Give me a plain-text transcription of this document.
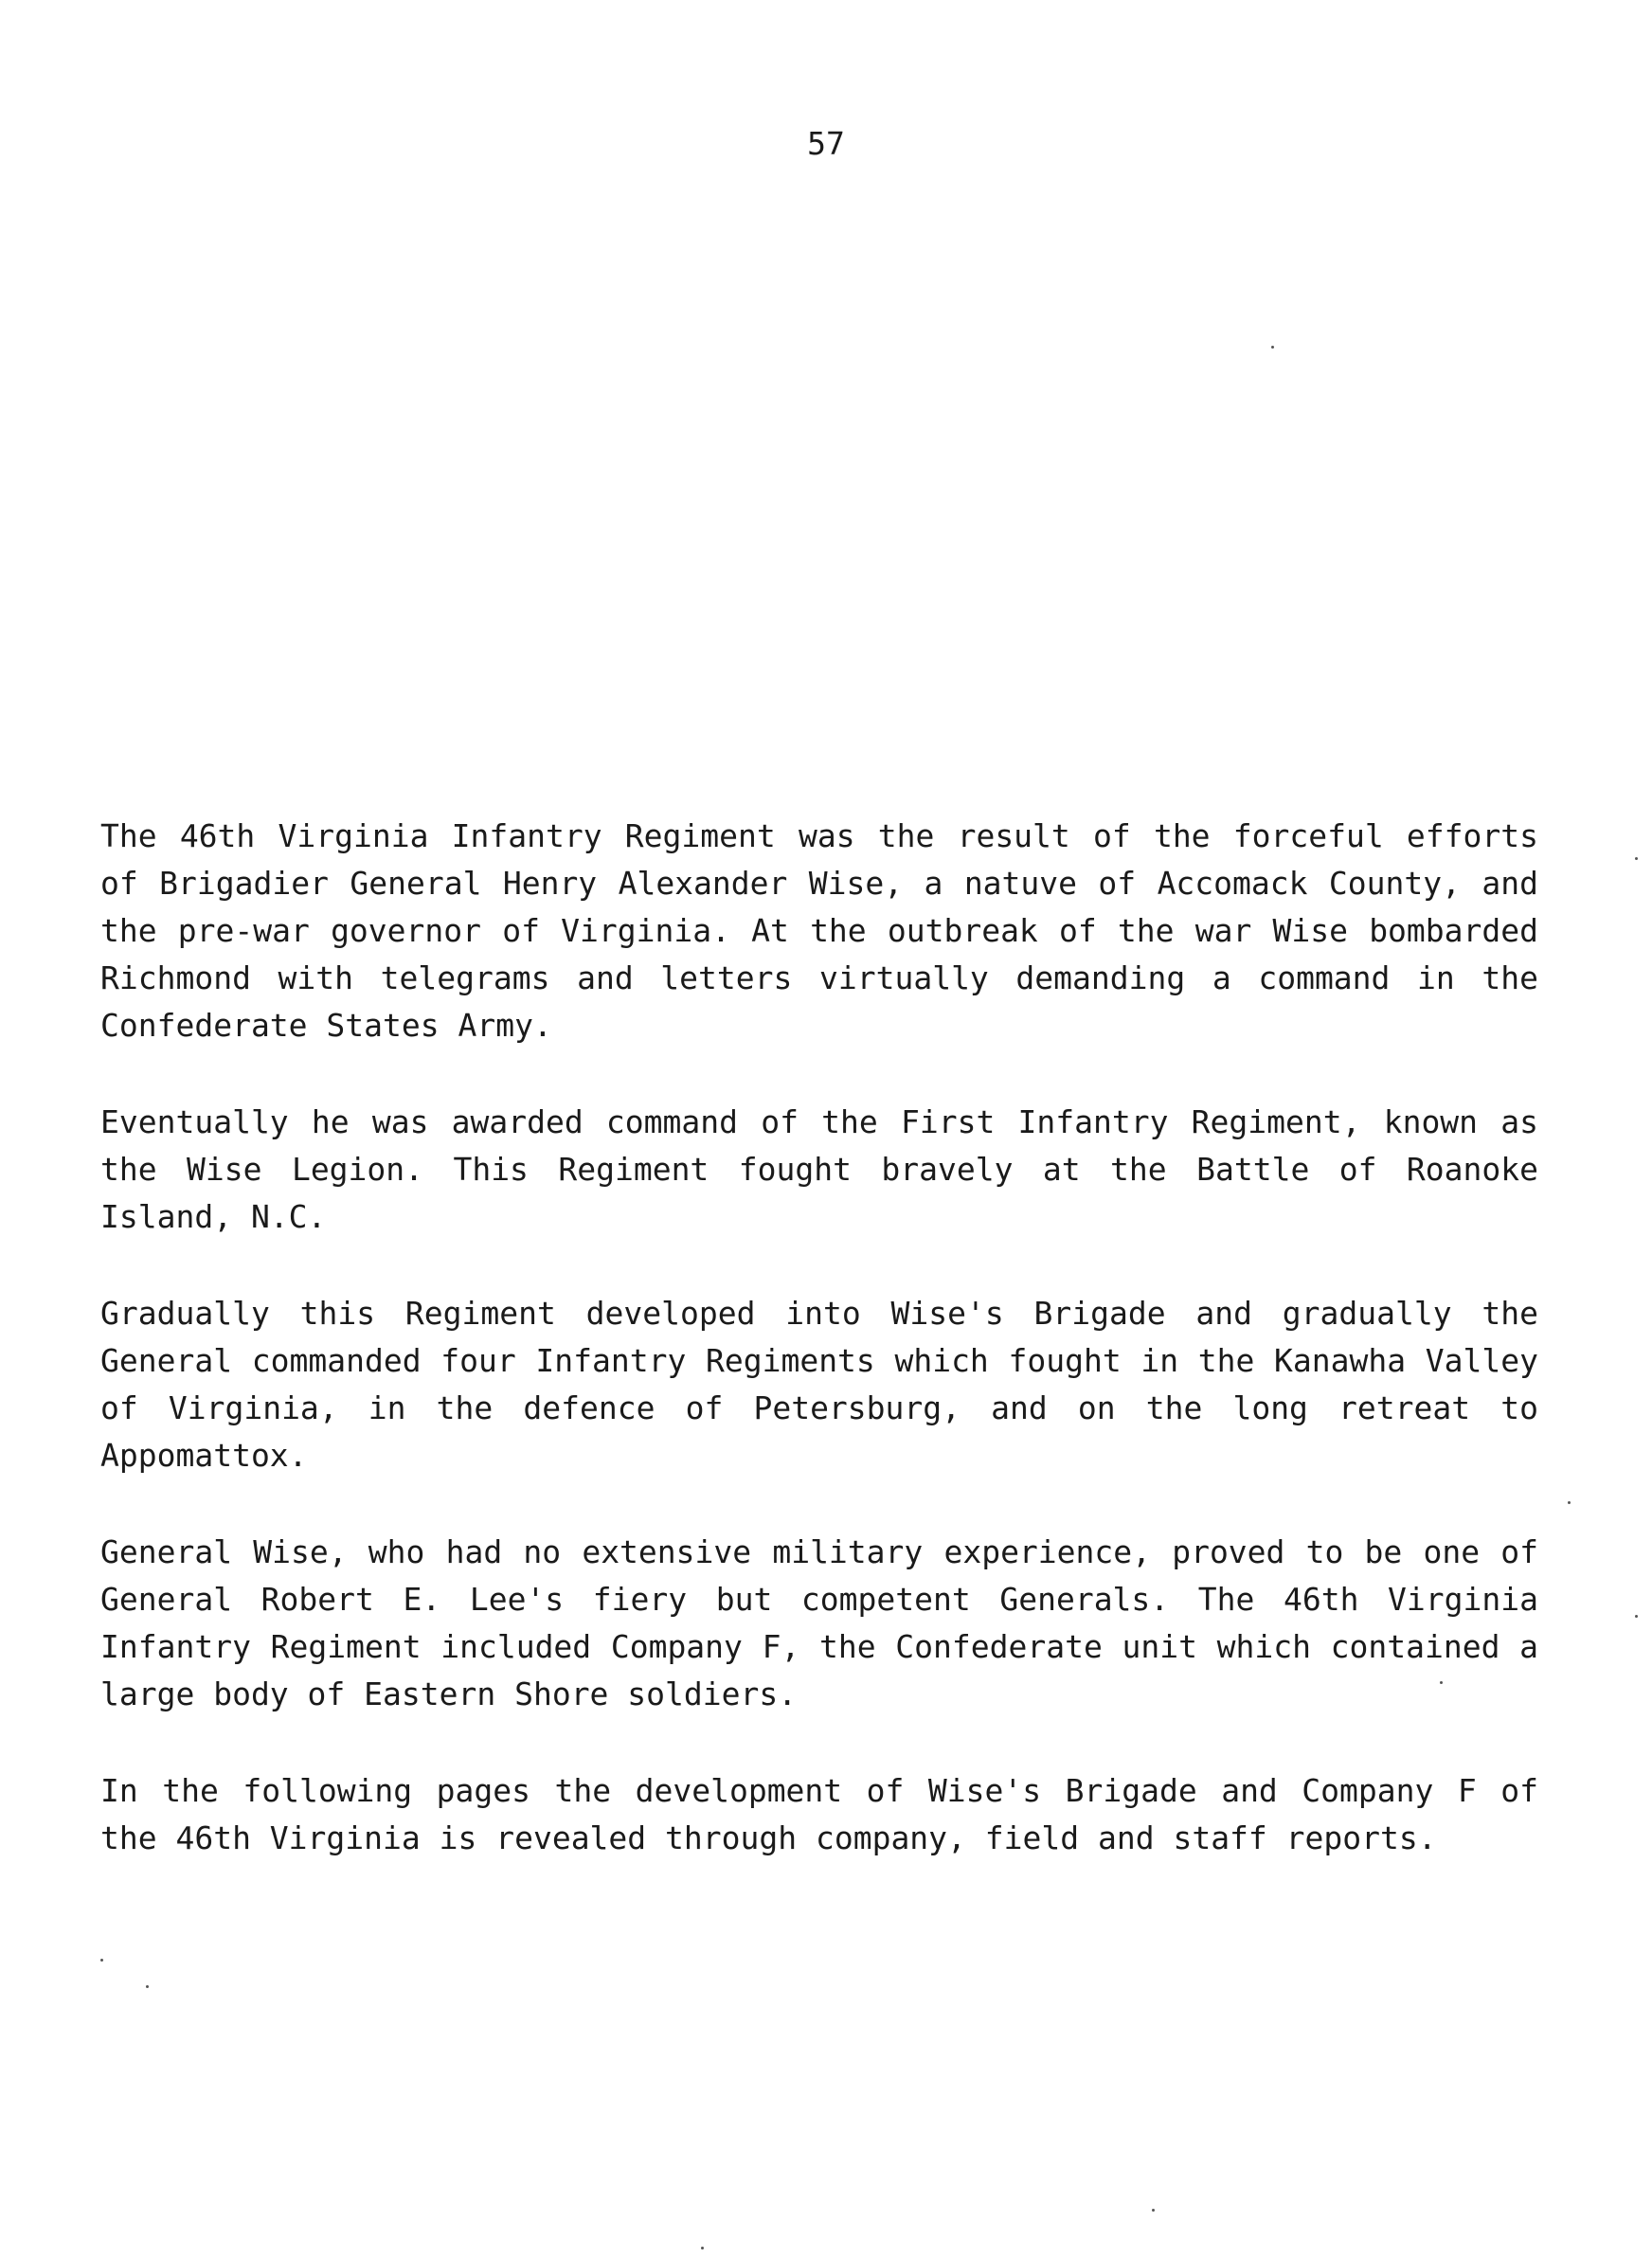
57

The 46th Virginia Infantry Regiment was the result of the forceful efforts of Brigadier General Henry Alexander Wise, a natuve of Accomack County, and the pre-war governor of Virginia. At the outbreak of the war Wise bombarded Richmond with telegrams and letters virtually demanding a command in the Confederate States Army.

Eventually he was awarded command of the First Infantry Regiment, known as the Wise Legion. This Regiment fought bravely at the Battle of Roanoke Island, N.C.

Gradually this Regiment developed into Wise's Brigade and gradually the General commanded four Infantry Regiments which fought in the Kanawha Valley of Virginia, in the defence of Petersburg, and on the long retreat to Appomattox.

General Wise, who had no extensive military experience, proved to be one of General Robert E. Lee's fiery but competent Generals. The 46th Virginia Infantry Regiment included Company F, the Confederate unit which contained a large body of Eastern Shore soldiers.

In the following pages the development of Wise's Brigade and Company F of the 46th Virginia is revealed through company, field and staff reports.
